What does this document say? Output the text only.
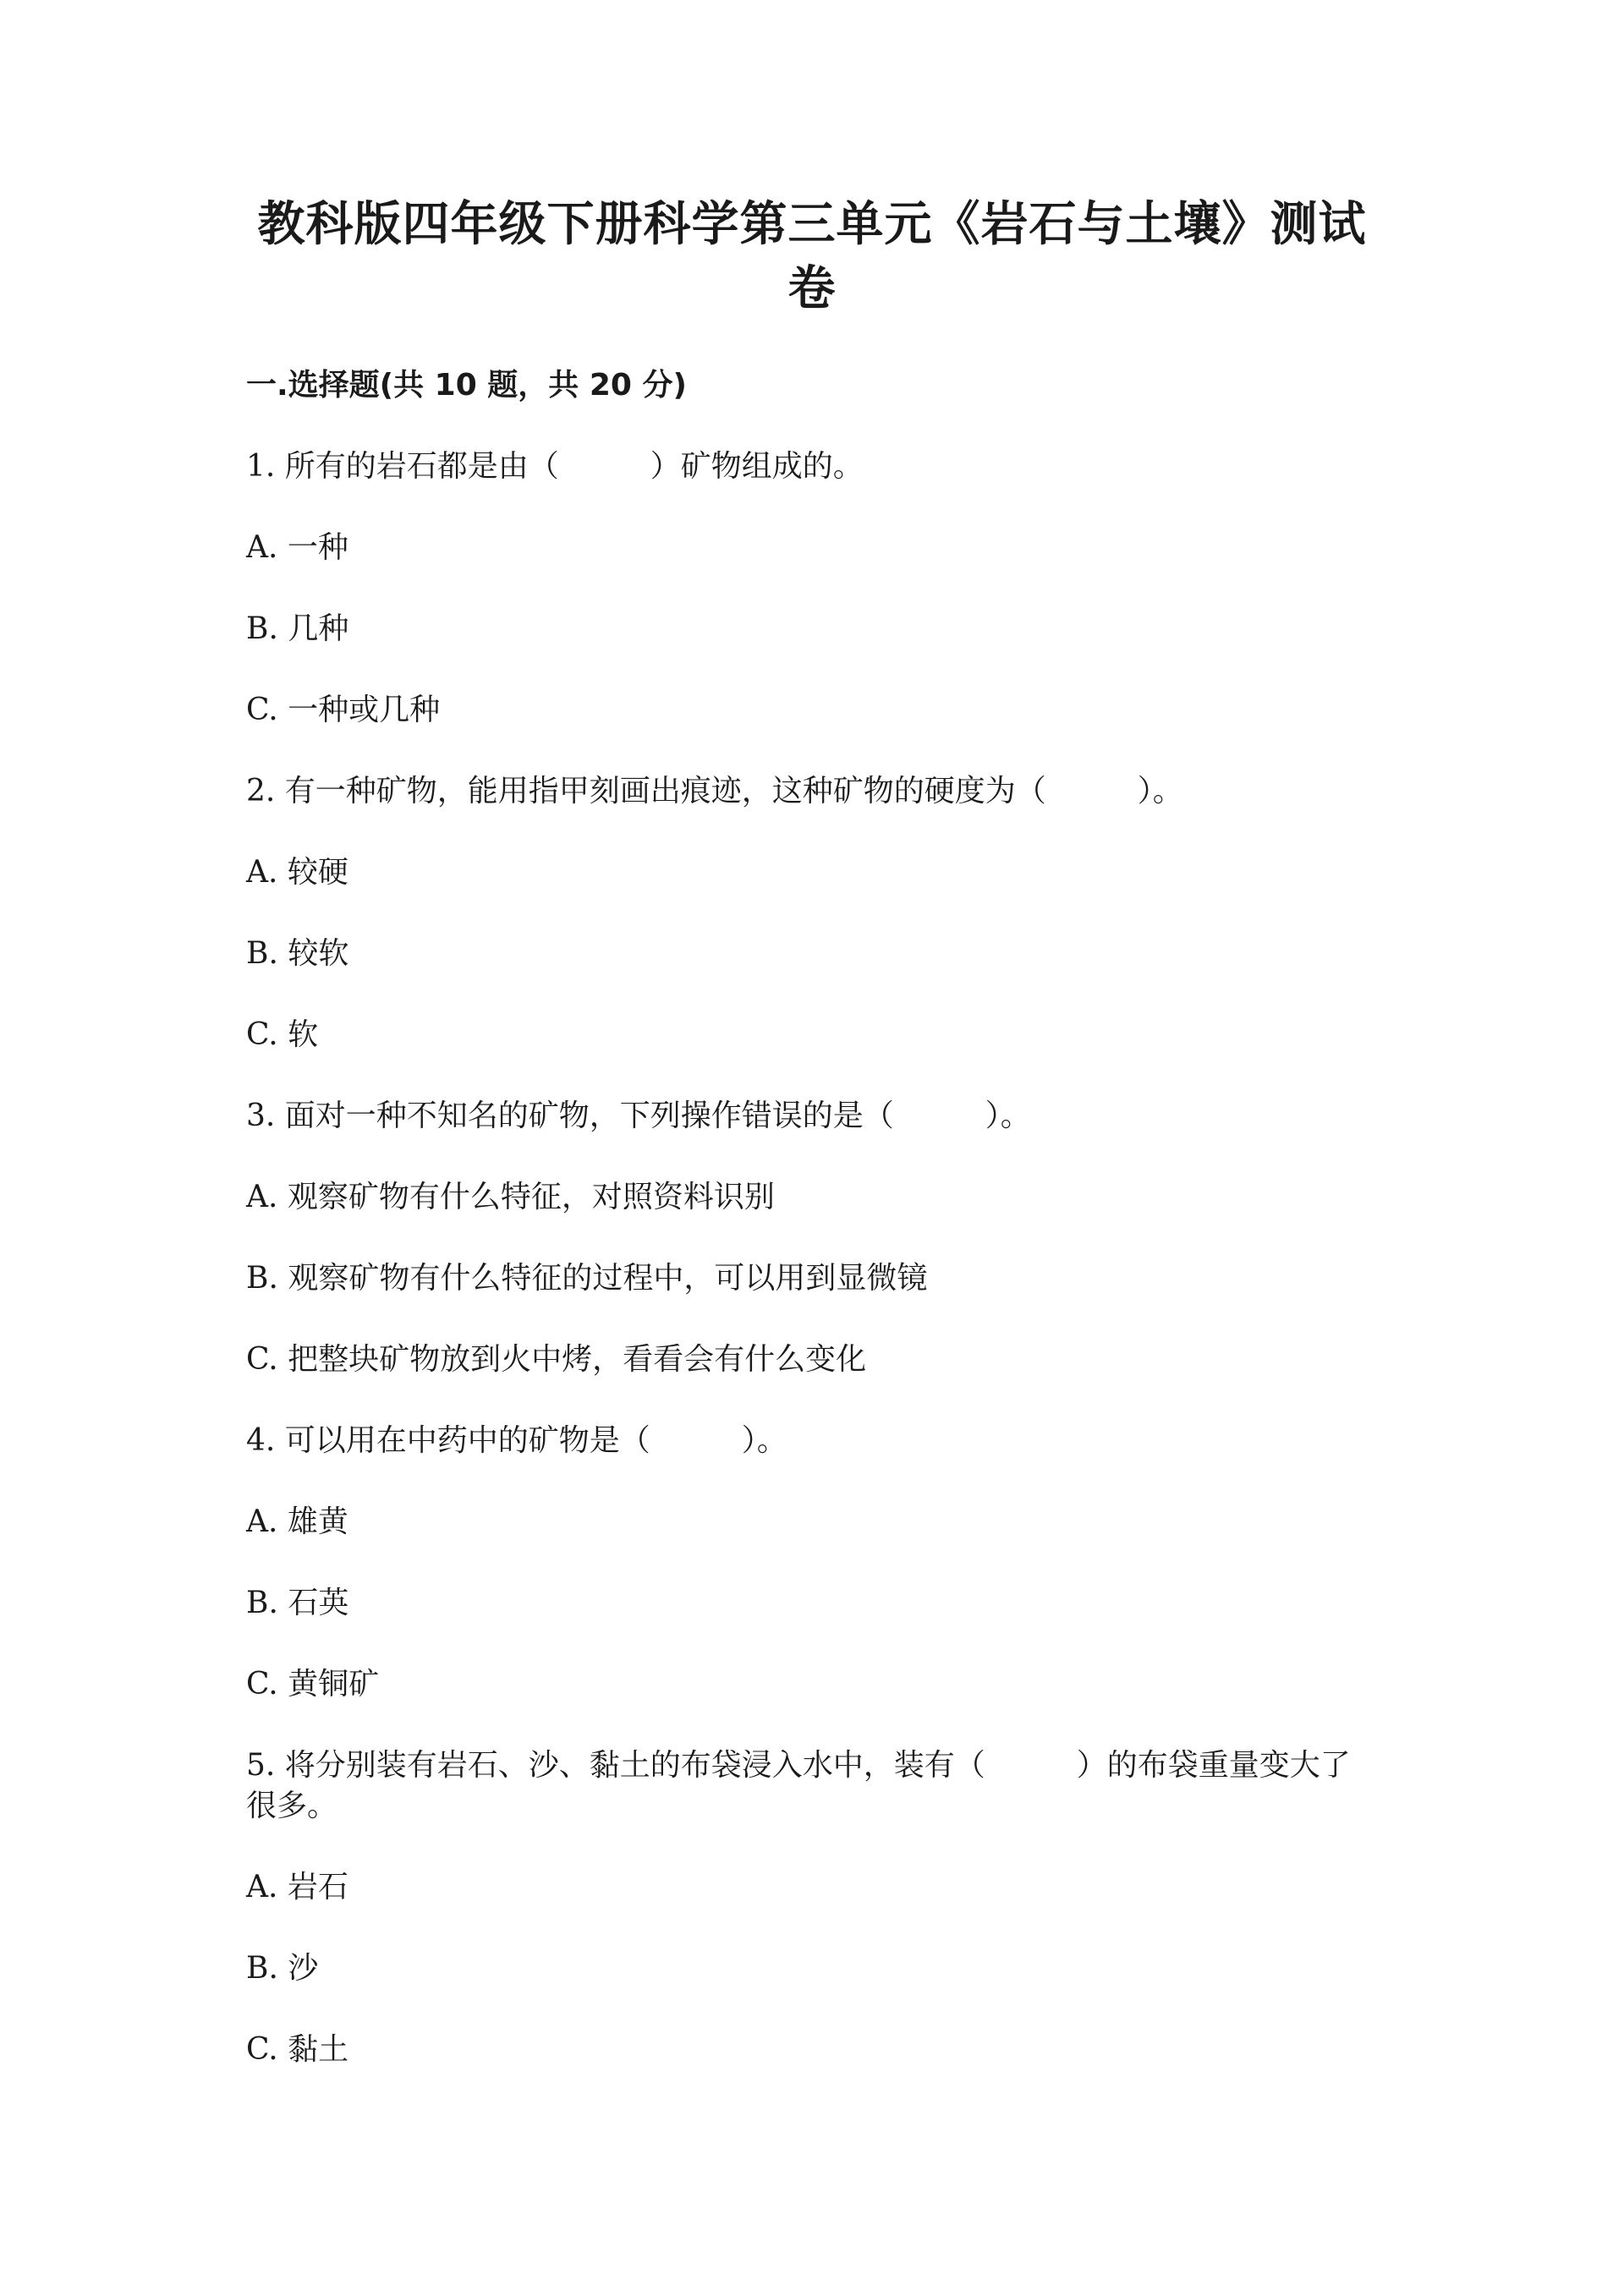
教科版四年级下册科学第三单元《岩石与土壤》测试卷
一.选择题(共 10 题，共 20 分)

1. 所有的岩石都是由（　　　）矿物组成的。

A. 一种

B. 几种

C. 一种或几种

2. 有一种矿物，能用指甲刻画出痕迹，这种矿物的硬度为（　　　）。

A. 较硬

B. 较软

C. 软

3. 面对一种不知名的矿物，下列操作错误的是（　　　）。

A. 观察矿物有什么特征，对照资料识别

B. 观察矿物有什么特征的过程中，可以用到显微镜

C. 把整块矿物放到火中烤，看看会有什么变化

4. 可以用在中药中的矿物是（　　　）。

A. 雄黄

B. 石英

C. 黄铜矿

5. 将分别装有岩石、沙、黏土的布袋浸入水中，装有（　　　）的布袋重量变大了很多。

A. 岩石

B. 沙

C. 黏土
